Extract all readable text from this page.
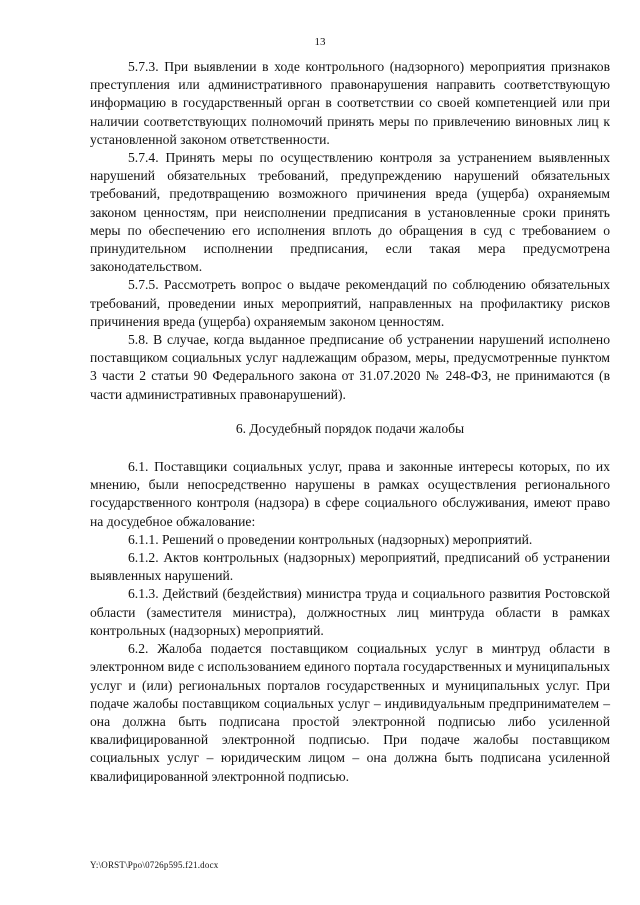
13

5.7.3. При выявлении в ходе контрольного (надзорного) мероприятия признаков преступления или административного правонарушения направить соответствующую информацию в государственный орган в соответствии со своей компетенцией или при наличии соответствующих полномочий принять меры по привлечению виновных лиц к установленной законом ответственности.

5.7.4. Принять меры по осуществлению контроля за устранением выявленных нарушений обязательных требований, предупреждению нарушений обязательных требований, предотвращению возможного причинения вреда (ущерба) охраняемым законом ценностям, при неисполнении предписания в установленные сроки принять меры по обеспечению его исполнения вплоть до обращения в суд с требованием о принудительном исполнении предписания, если такая мера предусмотрена законодательством.

5.7.5. Рассмотреть вопрос о выдаче рекомендаций по соблюдению обязательных требований, проведении иных мероприятий, направленных на профилактику рисков причинения вреда (ущерба) охраняемым законом ценностям.

5.8. В случае, когда выданное предписание об устранении нарушений исполнено поставщиком социальных услуг надлежащим образом, меры, предусмотренные пунктом 3 части 2 статьи 90 Федерального закона от 31.07.2020 № 248-ФЗ, не принимаются (в части административных правонарушений).

6. Досудебный порядок подачи жалобы

6.1. Поставщики социальных услуг, права и законные интересы которых, по их мнению, были непосредственно нарушены в рамках осуществления регионального государственного контроля (надзора) в сфере социального обслуживания, имеют право на досудебное обжалование:

6.1.1. Решений о проведении контрольных (надзорных) мероприятий.

6.1.2. Актов контрольных (надзорных) мероприятий, предписаний об устранении выявленных нарушений.

6.1.3. Действий (бездействия) министра труда и социального развития Ростовской области (заместителя министра), должностных лиц минтруда области в рамках контрольных (надзорных) мероприятий.

6.2. Жалоба подается поставщиком социальных услуг в минтруд области в электронном виде с использованием единого портала государственных и муниципальных услуг и (или) региональных порталов государственных и муниципальных услуг. При подаче жалобы поставщиком социальных услуг – индивидуальным предпринимателем – она должна быть подписана простой электронной подписью либо усиленной квалифицированной электронной подписью. При подаче жалобы поставщиком социальных услуг – юридическим лицом – она должна быть подписана усиленной квалифицированной электронной подписью.

Y:\ORST\Ppo\0726p595.f21.docx
